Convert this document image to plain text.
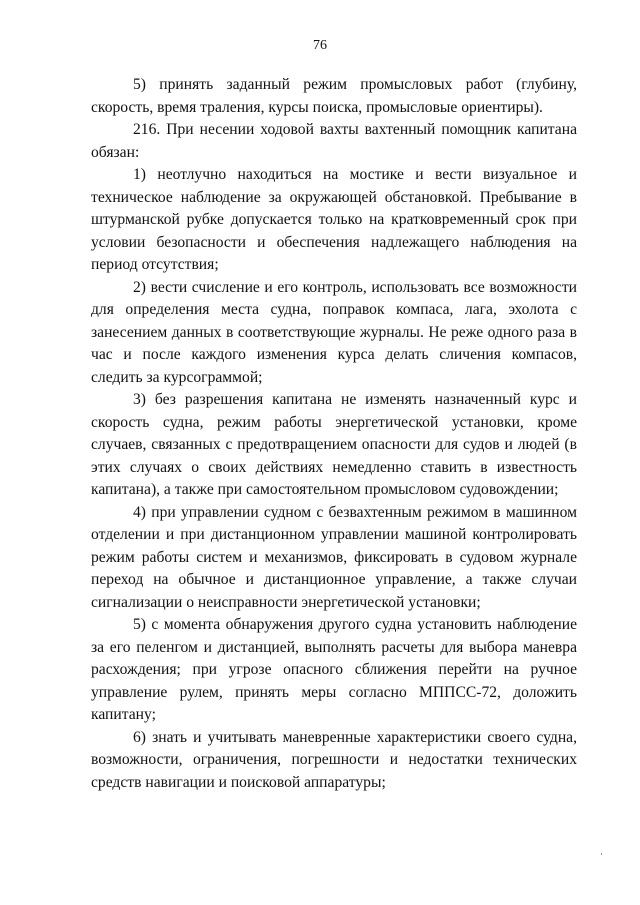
76

5) принять заданный режим промысловых работ (глубину, скорость, время траления, курсы поиска, промысловые ориентиры).

216. При несении ходовой вахты вахтенный помощник капитана обязан:

1) неотлучно находиться на мостике и вести визуальное и техническое наблюдение за окружающей обстановкой. Пребывание в штурманской рубке допускается только на кратковременный срок при условии безопасности и обеспечения надлежащего наблюдения на период отсутствия;

2) вести счисление и его контроль, использовать все возможности для определения места судна, поправок компаса, лага, эхолота с занесением данных в соответствующие журналы. Не реже одного раза в час и после каждого изменения курса делать сличения компасов, следить за курсограммой;

3) без разрешения капитана не изменять назначенный курс и скорость судна, режим работы энергетической установки, кроме случаев, связанных с предотвращением опасности для судов и людей (в этих случаях о своих действиях немедленно ставить в известность капитана), а также при самостоятельном промысловом судовождении;

4) при управлении судном с безвахтенным режимом в машинном отделении и при дистанционном управлении машиной контролировать режим работы систем и механизмов, фиксировать в судовом журнале переход на обычное и дистанционное управление, а также случаи сигнализации о неисправности энергетической установки;

5) с момента обнаружения другого судна установить наблюдение за его пеленгом и дистанцией, выполнять расчеты для выбора маневра расхождения; при угрозе опасного сближения перейти на ручное управление рулем, принять меры согласно МППСС-72, доложить капитану;

6) знать и учитывать маневренные характеристики своего судна, возможности, ограничения, погрешности и недостатки технических средств навигации и поисковой аппаратуры;
